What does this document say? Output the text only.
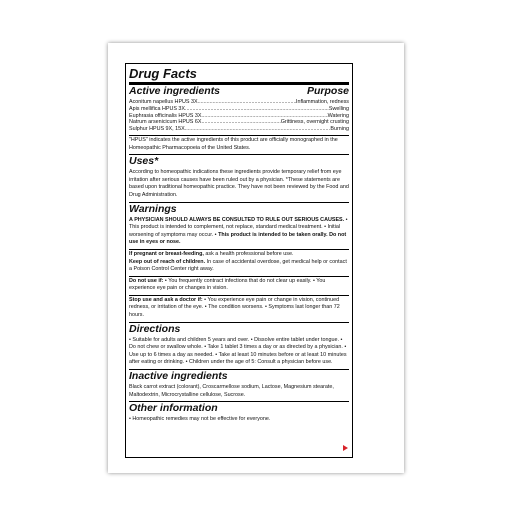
Drug Facts
Active ingredients	Purpose
Aconitum napellus HPUS 3X .....	Inflammation, redness
Apis mellifica HPUS 3X .....	Swelling
Euphrasia officinalis HPUS 3X .....	Watering
Natrum arsenicicum HPUS 6X .....	Grittiness, overnight crusting
Sulphur HPUS 9X, 15X .....	Burning
"HPUS" indicates the active ingredients of this product are officially monographed in the Homeopathic Pharmacopoeia of the United States.
Uses*
According to homeopathic indications these ingredients provide temporary relief from eye irritation after serious causes have been ruled out by a physician. *These statements are based upon traditional homeopathic practice. They have not been reviewed by the Food and Drug Administration.
Warnings
A PHYSICIAN SHOULD ALWAYS BE CONSULTED TO RULE OUT SERIOUS CAUSES. • This product is intended to complement, not replace, standard medical treatment. • Initial worsening of symptoms may occur. • This product is intended to be taken orally. Do not use in eyes or nose.
If pregnant or breast-feeding, ask a health professional before use.
Keep out of reach of children. In case of accidental overdose, get medical help or contact a Poison Control Center right away.
Do not use if: • You frequently contract infections that do not clear up easily. • You experience eye pain or changes in vision.
Stop use and ask a doctor if: • You experience eye pain or change in vision, continued redness, or irritation of the eye. • The condition worsens. • Symptoms last longer than 72 hours.
Directions
• Suitable for adults and children 5 years and over. • Dissolve entire tablet under tongue. • Do not chew or swallow whole. • Take 1 tablet 3 times a day or as directed by a physician. • Use up to 6 times a day as needed. • Take at least 10 minutes before or at least 10 minutes after eating or drinking. • Children under the age of 5: Consult a physician before use.
Inactive ingredients
Black carrot extract (colorant), Croscarmellose sodium, Lactose, Magnesium stearate, Maltodextrin, Microcrystalline cellulose, Sucrose.
Other information
• Homeopathic remedies may not be effective for everyone.
